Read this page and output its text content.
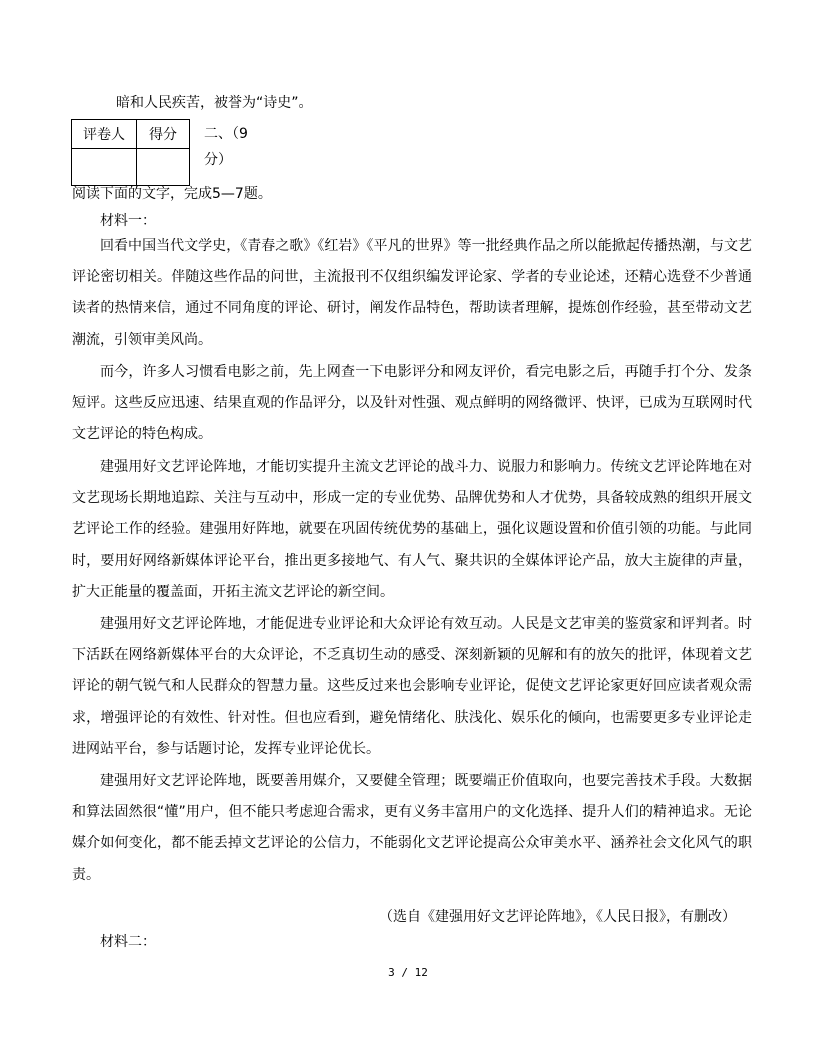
暗和人民疾苦，被誉为“诗史”。
评卷人	得分
	二、（9
分）
阅读下面的文字，完成5—7题。
材料一：

回看中国当代文学史，《青春之歌》《红岩》《平凡的世界》等一批经典作品之所以能掀起传播热潮，与文艺评论密切相关。伴随这些作品的问世，主流报刊不仅组织编发评论家、学者的专业论述，还精心选登不少普通读者的热情来信，通过不同角度的评论、研讨，阐发作品特色，帮助读者理解，提炼创作经验，甚至带动文艺潮流，引领审美风尚。

而今，许多人习惯看电影之前，先上网查一下电影评分和网友评价，看完电影之后，再随手打个分、发条短评。这些反应迅速、结果直观的作品评分，以及针对性强、观点鲜明的网络微评、快评，已成为互联网时代文艺评论的特色构成。

建强用好文艺评论阵地，才能切实提升主流文艺评论的战斗力、说服力和影响力。传统文艺评论阵地在对文艺现场长期地追踪、关注与互动中，形成一定的专业优势、品牌优势和人才优势，具备较成熟的组织开展文艺评论工作的经验。建强用好阵地，就要在巩固传统优势的基础上，强化议题设置和价值引领的功能。与此同时，要用好网络新媒体评论平台，推出更多接地气、有人气、聚共识的全媒体评论产品，放大主旋律的声量，扩大正能量的覆盖面，开拓主流文艺评论的新空间。

建强用好文艺评论阵地，才能促进专业评论和大众评论有效互动。人民是文艺审美的鉴赏家和评判者。时下活跃在网络新媒体平台的大众评论，不乏真切生动的感受、深刻新颖的见解和有的放矢的批评，体现着文艺评论的朝气锐气和人民群众的智慧力量。这些反过来也会影响专业评论，促使文艺评论家更好回应读者观众需求，增强评论的有效性、针对性。但也应看到，避免情绪化、肤浅化、娱乐化的倾向，也需要更多专业评论走进网站平台，参与话题讨论，发挥专业评论优长。

建强用好文艺评论阵地，既要善用媒介，又要健全管理；既要端正价值取向，也要完善技术手段。大数据和算法固然很“懂”用户，但不能只考虑迎合需求，更有义务丰富用户的文化选择、提升人们的精神追求。无论媒介如何变化，都不能丢掉文艺评论的公信力，不能弱化文艺评论提高公众审美水平、涵养社会文化风气的职责。

（选自《建强用好文艺评论阵地》，《人民日报》，有删改）
材料二：
3 / 12
